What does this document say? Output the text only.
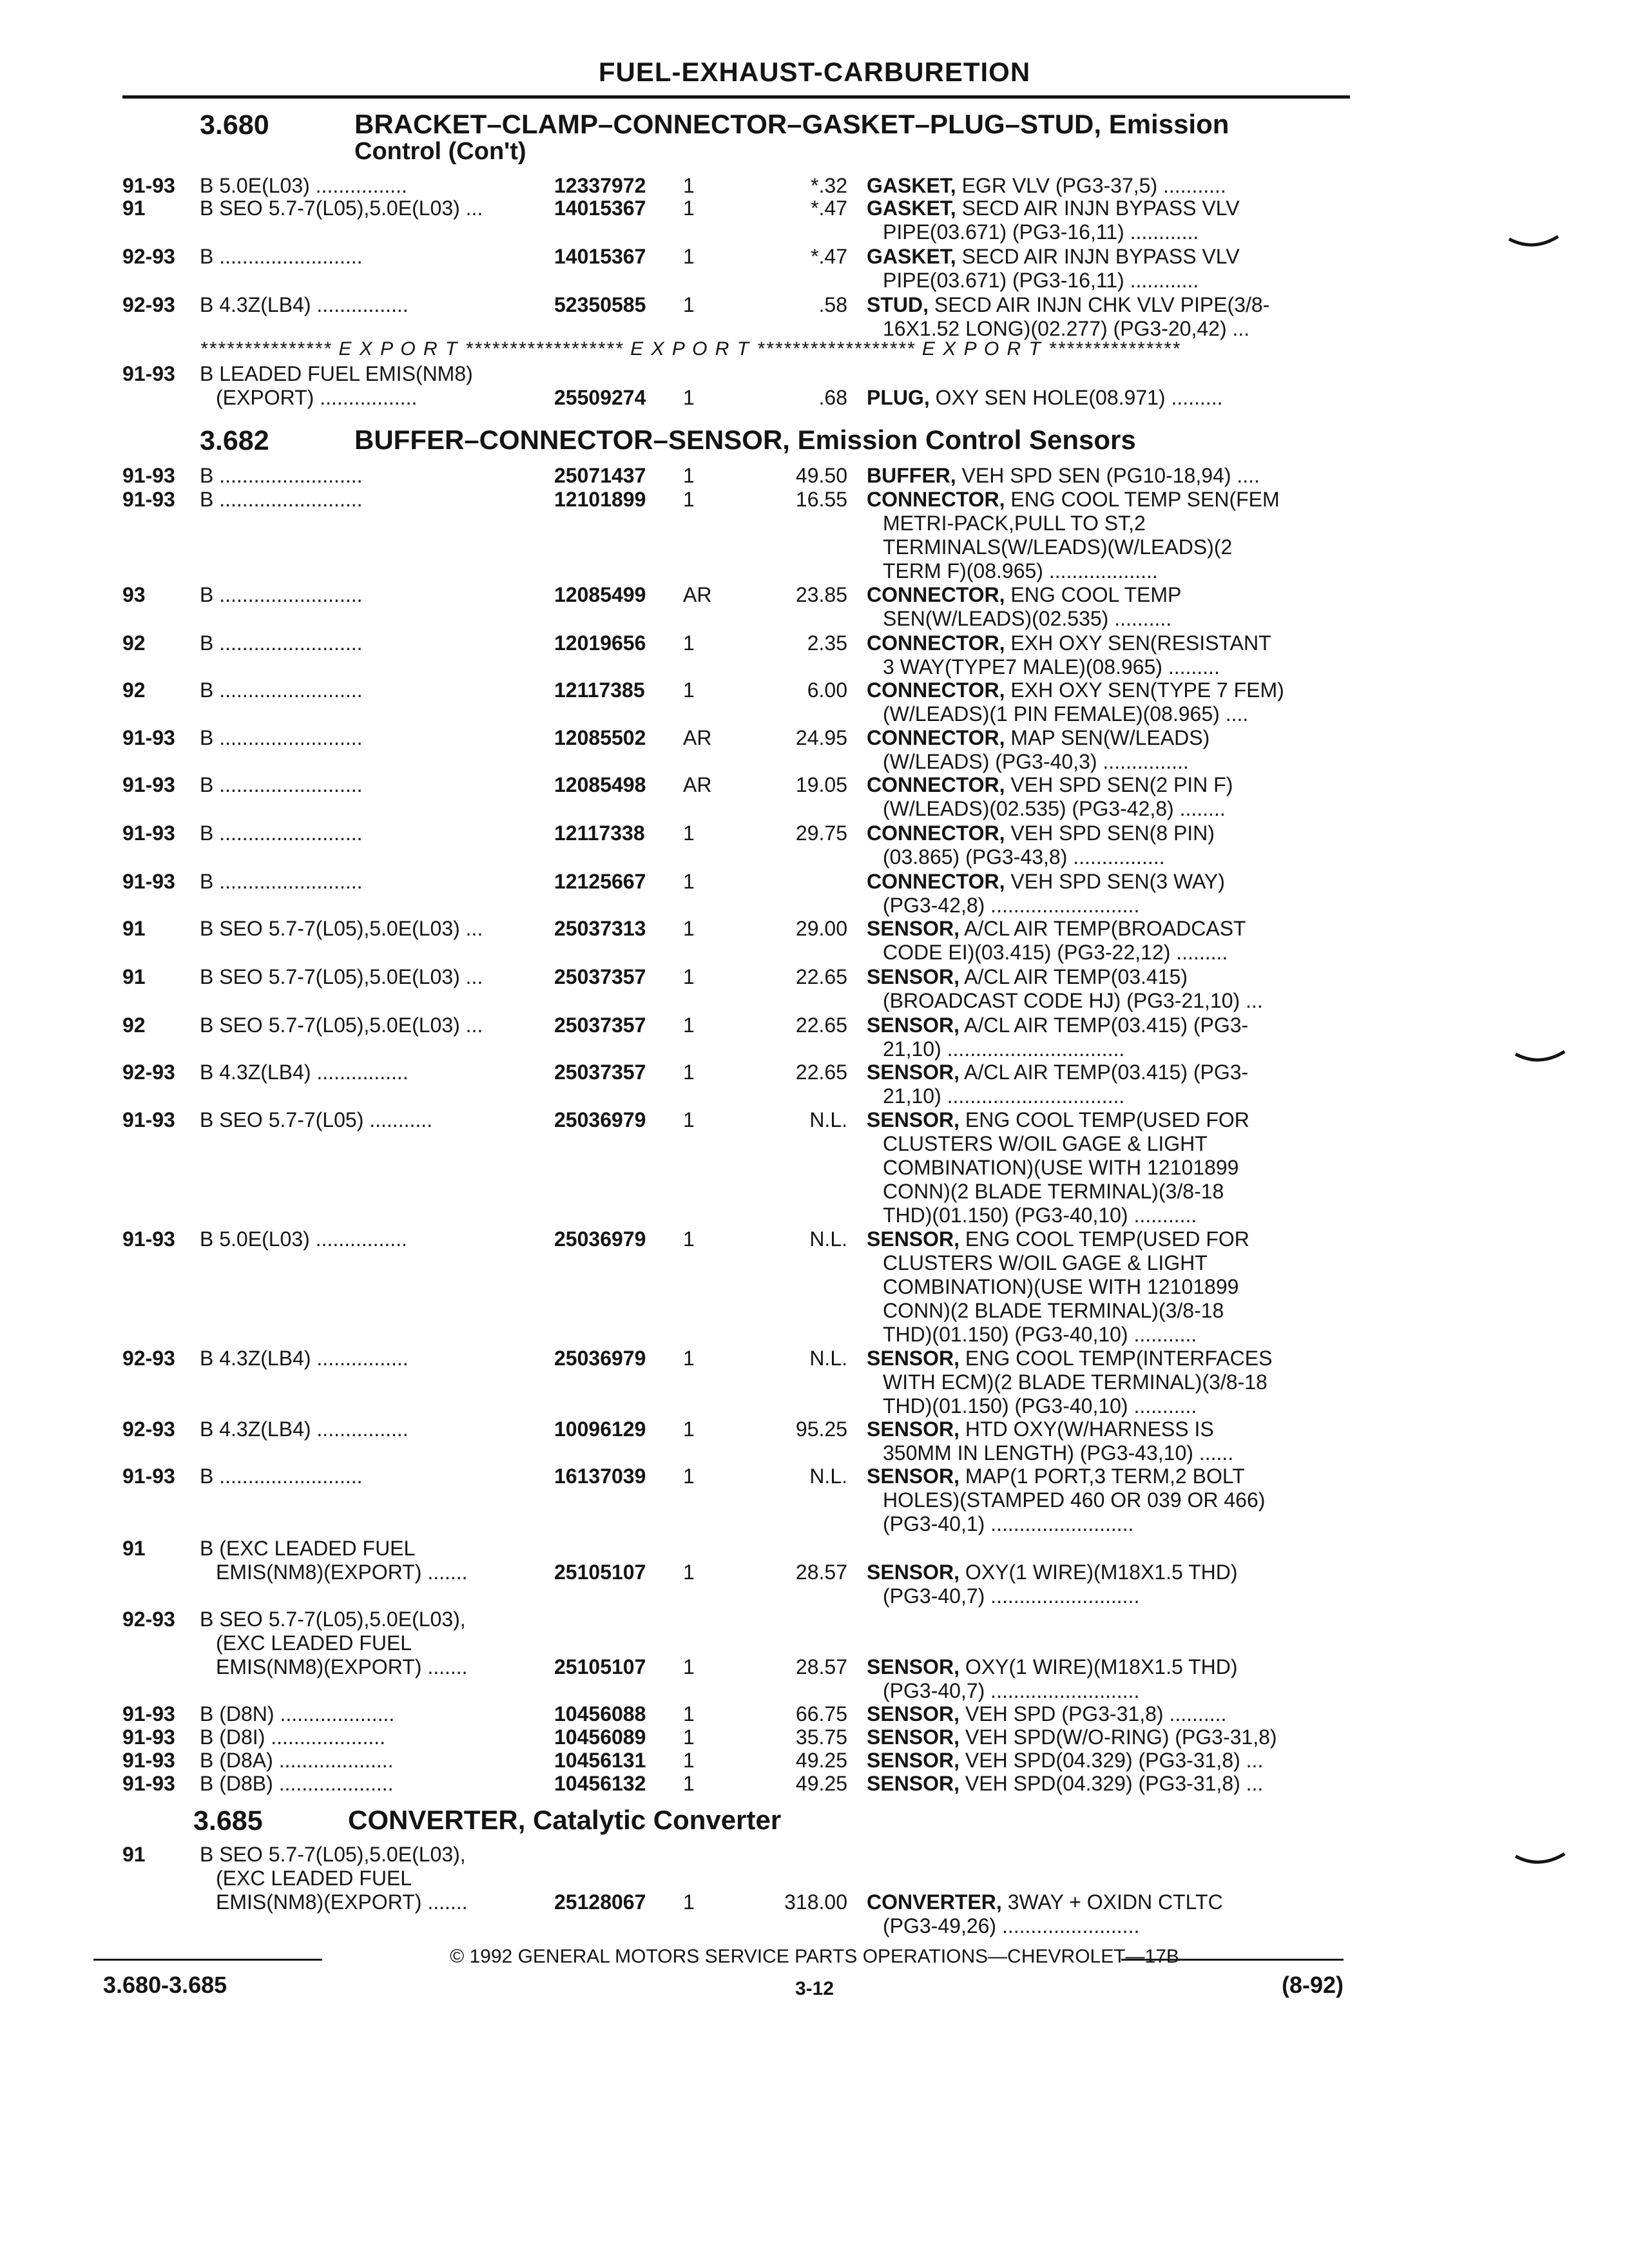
FUEL-EXHAUST-CARBURETION
3.680	BRACKET–CLAMP–CONNECTOR–GASKET–PLUG–STUD, Emission
Control (Con't)
91-93	B 5.0E(L03) ................	12337972	1	*.32 GASKET, EGR VLV (PG3-37,5) ...........
91	B SEO 5.7-7(L05),5.0E(L03) ...	14015367	1	*.47 GASKET, SECD AIR INJN BYPASS VLV
PIPE(03.671) (PG3-16,11) ............
92-93	B .........................	14015367	1	*.47 GASKET, SECD AIR INJN BYPASS VLV
PIPE(03.671) (PG3-16,11) ............
92-93	B 4.3Z(LB4) ................	52350585	1	.58 STUD, SECD AIR INJN CHK VLV PIPE(3/8-
16X1.52 LONG)(02.277) (PG3-20,42) ...
*************** E X P O R T ****************** E X P O R T ****************** E X P O R T ***************
91-93	B LEADED FUEL EMIS(NM8)
(EXPORT) .................	25509274	1	.68 PLUG, OXY SEN HOLE(08.971) .........
3.682	BUFFER–CONNECTOR–SENSOR, Emission Control Sensors
91-93	B .........................	25071437	1	49.50 BUFFER, VEH SPD SEN (PG10-18,94) ....
91-93	B .........................	12101899	1	16.55 CONNECTOR, ENG COOL TEMP SEN(FEM
METRI-PACK,PULL TO ST,2
TERMINALS(W/LEADS)(W/LEADS)(2
TERM F)(08.965) ...................
93	B .........................	12085499	AR	23.85 CONNECTOR, ENG COOL TEMP
SEN(W/LEADS)(02.535) ..........
92	B .........................	12019656	1	2.35 CONNECTOR, EXH OXY SEN(RESISTANT
3 WAY(TYPE7 MALE)(08.965) .........
92	B .........................	12117385	1	6.00 CONNECTOR, EXH OXY SEN(TYPE 7 FEM)
(W/LEADS)(1 PIN FEMALE)(08.965) ....
91-93	B .........................	12085502	AR	24.95 CONNECTOR, MAP SEN(W/LEADS)
(W/LEADS) (PG3-40,3) ...............
91-93	B .........................	12085498	AR	19.05 CONNECTOR, VEH SPD SEN(2 PIN F)
(W/LEADS)(02.535) (PG3-42,8) ........
91-93	B .........................	12117338	1	29.75 CONNECTOR, VEH SPD SEN(8 PIN)
(03.865) (PG3-43,8) ................
91-93	B .........................	12125667	1	CONNECTOR, VEH SPD SEN(3 WAY)
(PG3-42,8) ..........................
91	B SEO 5.7-7(L05),5.0E(L03) ...	25037313	1	29.00 SENSOR, A/CL AIR TEMP(BROADCAST
CODE EI)(03.415) (PG3-22,12) .........
91	B SEO 5.7-7(L05),5.0E(L03) ...	25037357	1	22.65 SENSOR, A/CL AIR TEMP(03.415)
(BROADCAST CODE HJ) (PG3-21,10) ...
92	B SEO 5.7-7(L05),5.0E(L03) ...	25037357	1	22.65 SENSOR, A/CL AIR TEMP(03.415) (PG3-
21,10) ...............................
92-93	B 4.3Z(LB4) ................	25037357	1	22.65 SENSOR, A/CL AIR TEMP(03.415) (PG3-
21,10) ...............................
91-93	B SEO 5.7-7(L05) ...........	25036979	1	N.L. SENSOR, ENG COOL TEMP(USED FOR
CLUSTERS W/OIL GAGE & LIGHT
COMBINATION)(USE WITH 12101899
CONN)(2 BLADE TERMINAL)(3/8-18
THD)(01.150) (PG3-40,10) ...........
91-93	B 5.0E(L03) ................	25036979	1	N.L. SENSOR, ENG COOL TEMP(USED FOR
CLUSTERS W/OIL GAGE & LIGHT
COMBINATION)(USE WITH 12101899
CONN)(2 BLADE TERMINAL)(3/8-18
THD)(01.150) (PG3-40,10) ...........
92-93	B 4.3Z(LB4) ................	25036979	1	N.L. SENSOR, ENG COOL TEMP(INTERFACES
WITH ECM)(2 BLADE TERMINAL)(3/8-18
THD)(01.150) (PG3-40,10) ...........
92-93	B 4.3Z(LB4) ................	10096129	1	95.25 SENSOR, HTD OXY(W/HARNESS IS
350MM IN LENGTH) (PG3-43,10) ......
91-93	B .........................	16137039	1	N.L. SENSOR, MAP(1 PORT,3 TERM,2 BOLT
HOLES)(STAMPED 460 OR 039 OR 466)
(PG3-40,1) .........................
91	B (EXC LEADED FUEL
EMIS(NM8)(EXPORT) .......	25105107	1	28.57 SENSOR, OXY(1 WIRE)(M18X1.5 THD)
(PG3-40,7) ..........................
92-93	B SEO 5.7-7(L05),5.0E(L03),
(EXC LEADED FUEL
EMIS(NM8)(EXPORT) .......	25105107	1	28.57 SENSOR, OXY(1 WIRE)(M18X1.5 THD)
(PG3-40,7) ..........................
91-93	B (D8N) ....................	10456088	1	66.75 SENSOR, VEH SPD (PG3-31,8) ..........
91-93	B (D8I) ....................	10456089	1	35.75 SENSOR, VEH SPD(W/O-RING) (PG3-31,8)
91-93	B (D8A) ....................	10456131	1	49.25 SENSOR, VEH SPD(04.329) (PG3-31,8) ...
91-93	B (D8B) ....................	10456132	1	49.25 SENSOR, VEH SPD(04.329) (PG3-31,8) ...
3.685	CONVERTER, Catalytic Converter
91	B SEO 5.7-7(L05),5.0E(L03),
(EXC LEADED FUEL
EMIS(NM8)(EXPORT) .......	25128067	1	318.00 CONVERTER, 3WAY + OXIDN CTLTC
(PG3-49,26) ........................
© 1992 GENERAL MOTORS SERVICE PARTS OPERATIONS—CHEVROLET—17B
3.680-3.685	3-12	(8-92)
